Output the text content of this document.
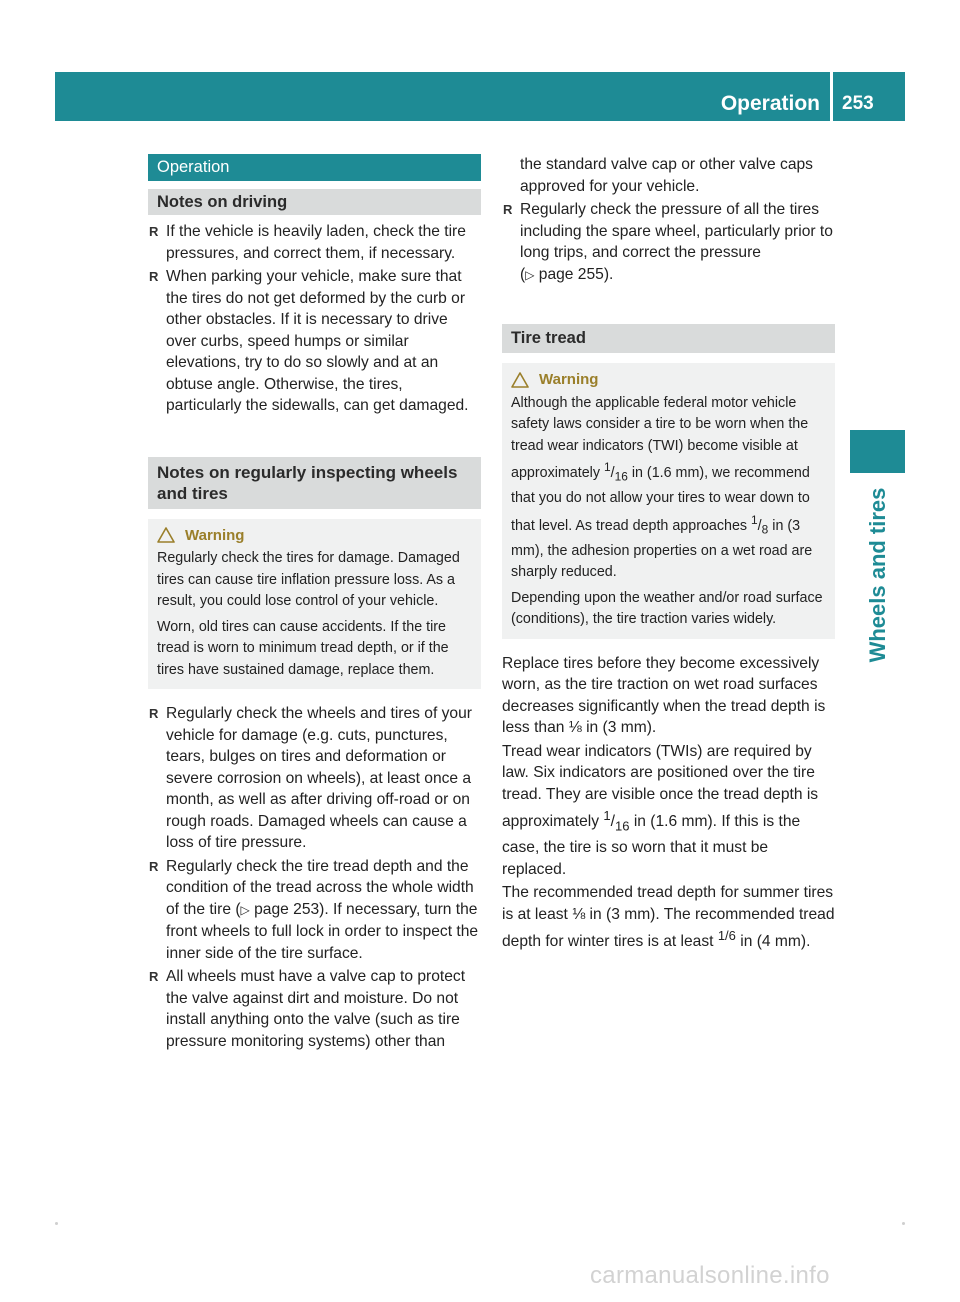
Operation	253
Wheels and tires
Operation
Notes on driving
R If the vehicle is heavily laden, check the tire pressures, and correct them, if necessary.
R When parking your vehicle, make sure that the tires do not get deformed by the curb or other obstacles. If it is necessary to drive over curbs, speed humps or similar elevations, try to do so slowly and at an obtuse angle. Otherwise, the tires, particularly the sidewalls, can get damaged.
Notes on regularly inspecting wheels and tires
Warning
Regularly check the tires for damage. Damaged tires can cause tire inflation pressure loss. As a result, you could lose control of your vehicle.
Worn, old tires can cause accidents. If the tire tread is worn to minimum tread depth, or if the tires have sustained damage, replace them.
R Regularly check the wheels and tires of your vehicle for damage (e.g. cuts, punctures, tears, bulges on tires and deformation or severe corrosion on wheels), at least once a month, as well as after driving off-road or on rough roads. Damaged wheels can cause a loss of tire pressure.
R Regularly check the tire tread depth and the condition of the tread across the whole width of the tire (▷ page 253). If necessary, turn the front wheels to full lock in order to inspect the inner side of the tire surface.
R All wheels must have a valve cap to protect the valve against dirt and moisture. Do not install anything onto the valve (such as tire pressure monitoring systems) other than
the standard valve cap or other valve caps approved for your vehicle.
R Regularly check the pressure of all the tires including the spare wheel, particularly prior to long trips, and correct the pressure
(▷ page 255).
Tire tread
Warning
Although the applicable federal motor vehicle safety laws consider a tire to be worn when the tread wear indicators (TWI) become visible at approximately $^1/_{16}$ in (1.6 mm), we recommend that you do not allow your tires to wear down to that level. As tread depth approaches $^1/_8$ in (3 mm), the adhesion properties on a wet road are sharply reduced.
Depending upon the weather and/or road surface (conditions), the tire traction varies widely.
Replace tires before they become excessively worn, as the tire traction on wet road surfaces decreases significantly when the tread depth is less than ⅛ in (3 mm).
Tread wear indicators (TWIs) are required by law. Six indicators are positioned over the tire tread. They are visible once the tread depth is approximately $^1/_{16}$ in (1.6 mm). If this is the case, the tire is so worn that it must be replaced.
The recommended tread depth for summer tires is at least ⅛ in (3 mm). The recommended tread depth for winter tires is at least $^{1/6}$ in (4 mm).
carmanualsonline.info
